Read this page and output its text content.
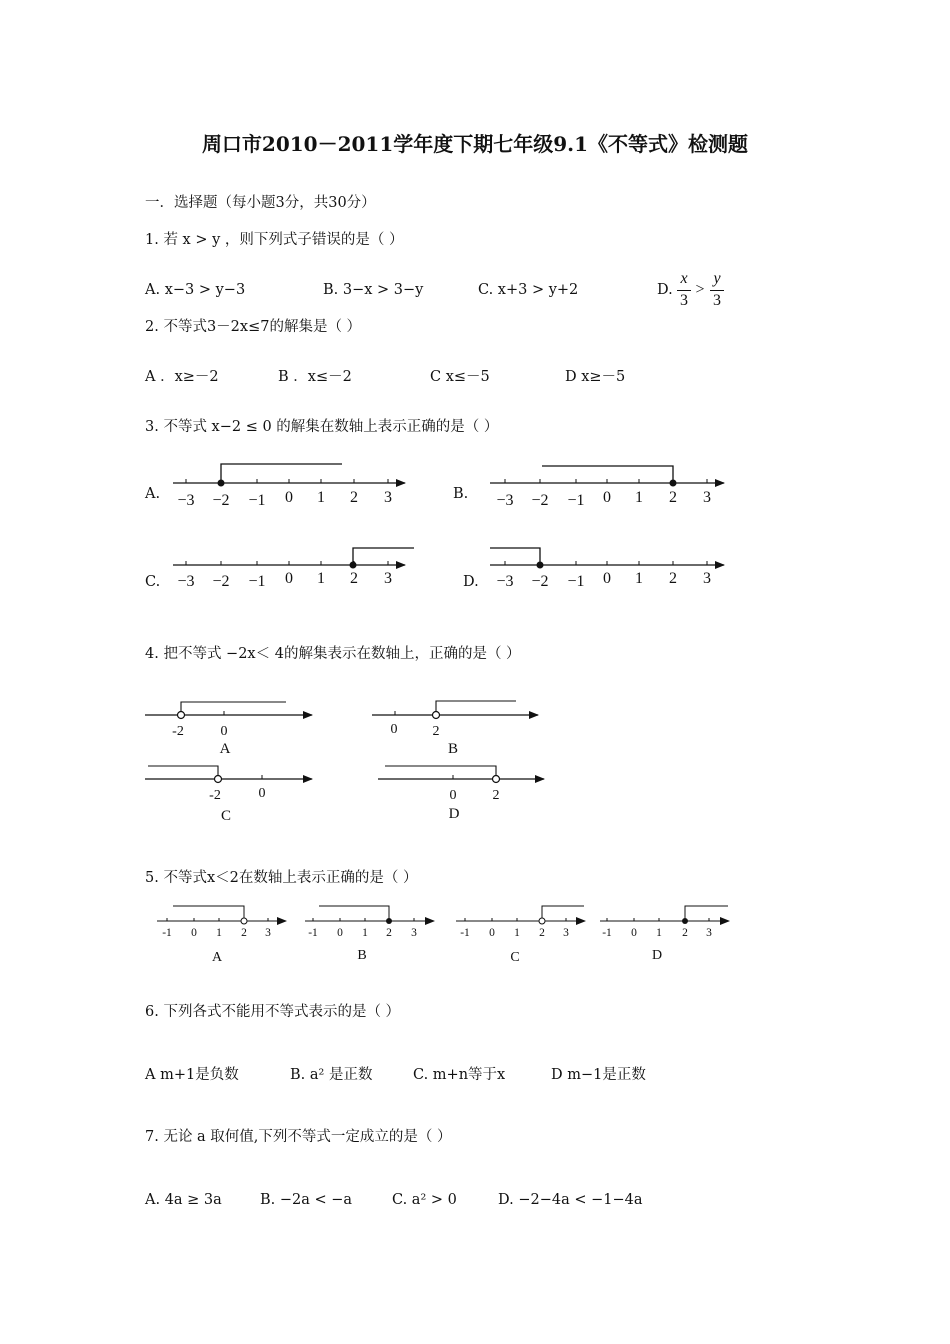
周口市2010－2011学年度下期七年级9.1《不等式》检测题
一．选择题（每小题3分，共30分）
1. 若 x > y ，则下列式子错误的是（ ）
A. x−3 > y−3	B. 3−x > 3−y	C. x+3 > y+2	D.
x
3
>
y
3
2. 不等式3－2x≤7的解集是（ ）
A ．x≥－2	B ．x≤－2	C x≤－5	D x≥－5
3. 不等式 x−2 ≤ 0 的解集在数轴上表示正确的是（ ）
A.	B.
C.	D.
−3 −2 −1 0 1 2 3	−3 −2 −1 0 1 2 3
−3 −2 −1 0 1 2 3	−3 −2 −1 0 1 2 3
-2	0
A
0	2
B
-2	0
C
0	2
D
-1 0 1 2 3
A
-1 0 1 2 3
B
-1 0 1 2 3
C
-1 0 1 2 3
D
4. 把不等式 −2x＜ 4的解集表示在数轴上，正确的是（ ）
5. 不等式x＜2在数轴上表示正确的是（ ）
6. 下列各式不能用不等式表示的是（ ）
A m+1是负数	B. a² 是正数	C. m+n等于x	D m−1是正数
7. 无论 a 取何值,下列不等式一定成立的是（ ）
A. 4a ≥ 3a	B. −2a < −a	C. a² > 0	D. −2−4a < −1−4a
